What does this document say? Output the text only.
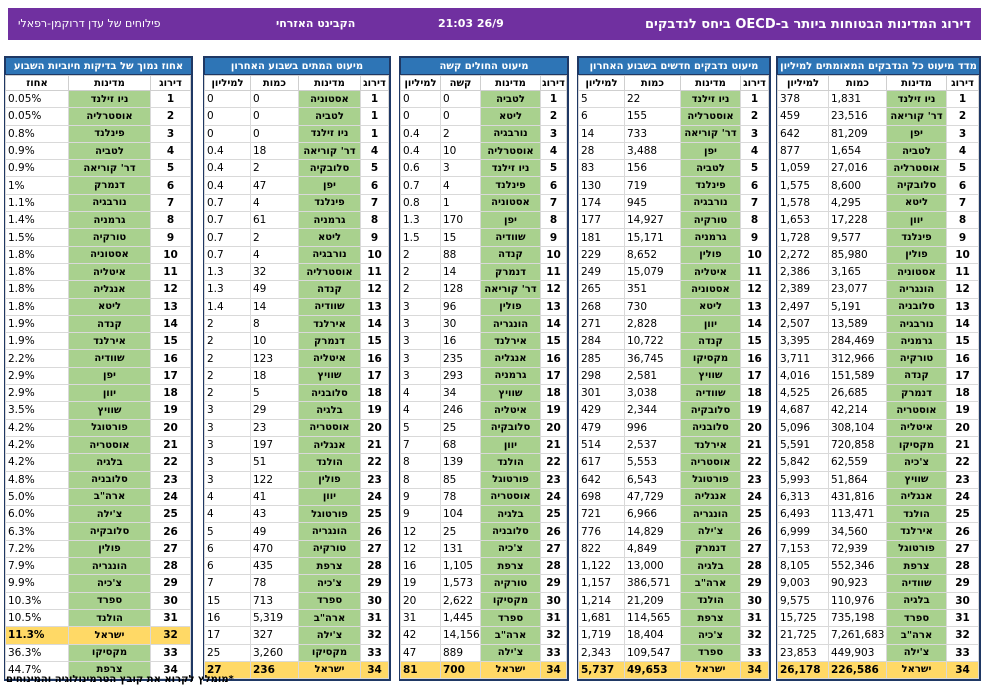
דירוג המדינות הבטוחות ביותר ב-OECD ביחס לנדבקים
21:03 26/9
הקבינט האזרחי
פילוחים של עדן דרוקמן-רפאלי
מדד מיעוט כל הנדבקים המאומתים למיליון
דירוג	מדינות	כמות	למיליון
1	ניו זילנד	1,831	378
2	דר' קוריאה	23,516	459
3	יפן	81,209	642
4	לטביה	1,654	877
5	אוסטרליה	27,016	1,059
6	סלובקיה	8,600	1,575
7	ליטא	4,295	1,578
8	יוון	17,228	1,653
9	פינלנד	9,577	1,728
10	פולין	85,980	2,272
11	אסטוניה	3,165	2,386
12	הונגריה	23,077	2,389
13	סלובניה	5,191	2,497
14	נורבגיה	13,589	2,507
15	גרמניה	284,469	3,395
16	טורקיה	312,966	3,711
17	קנדה	151,589	4,016
18	דנמרק	26,685	4,525
19	אוסטריה	42,214	4,687
20	איטליה	308,104	5,096
21	מקסיקו	720,858	5,591
22	צ'כיה	62,559	5,842
23	שוויץ	51,864	5,993
24	אנגליה	431,816	6,313
25	הולנד	113,471	6,493
26	אירלנד	34,560	6,999
27	פורטוגל	72,939	7,153
28	צרפת	552,346	8,105
29	שוודיה	90,923	9,003
30	בלגיה	110,976	9,575
31	ספרד	735,198	15,725
32	ארה"ב	7,261,683	21,725
33	צ'ילה	449,903	23,853
34	ישראל	226,586	26,178
מיעוט נדבקים חדשים בשבוע האחרון
דירוג	מדינות	כמות	למיליון
1	ניו זילנד	22	5
2	אוסטרליה	155	6
3	דר' קוריאה	733	14
4	יפן	3,488	28
5	לטביה	156	83
6	פינלנד	719	130
7	נורבגיה	945	174
8	טורקיה	14,927	177
9	גרמניה	15,171	181
10	פולין	8,652	229
11	איטליה	15,079	249
12	אסטוניה	351	265
13	ליטא	730	268
14	יוון	2,828	271
15	קנדה	10,722	284
16	מקסיקו	36,745	285
17	שוויץ	2,581	298
18	שוודיה	3,038	301
19	סלובקיה	2,344	429
20	סלובניה	996	479
21	אירלנד	2,537	514
22	אוסטריה	5,553	617
23	פורטוגל	6,543	642
24	אנגליה	47,729	698
25	הונגריה	6,966	721
26	צ'ילה	14,829	776
27	דנמרק	4,849	822
28	בלגיה	13,000	1,122
29	ארה"ב	386,571	1,157
30	הולנד	21,209	1,214
31	צרפת	114,565	1,681
32	צ'כיה	18,404	1,719
33	ספרד	109,547	2,343
34	ישראל	49,653	5,737
מיעוט החולים קשה
דירוג	מדינות	קשה	למיליון
1	לטביה	0	0
2	ליטא	0	0
3	נורבגיה	2	0.4
4	אוסטרליה	10	0.4
5	ניו זילנד	3	0.6
6	פינלנד	4	0.7
7	אסטוניה	1	0.8
8	יפן	170	1.3
9	שוודיה	15	1.5
10	קנדה	88	2
11	דנמרק	14	2
12	דר' קוריאה	128	2
13	פולין	96	3
14	הונגריה	30	3
15	אירלנד	16	3
16	אנגליה	235	3
17	גרמניה	293	3
18	שוויץ	34	4
19	איטליה	246	4
20	סלובקיה	25	5
21	יוון	68	7
22	הולנד	139	8
23	פורטוגל	85	8
24	אוסטריה	78	9
25	בלגיה	104	9
26	סלובניה	25	12
27	צ'כיה	131	12
28	צרפת	1,105	16
29	טורקיה	1,573	19
30	מקסיקו	2,622	20
31	ספרד	1,445	31
32	ארה"ב	14,156	42
33	צ'ילה	889	47
34	ישראל	700	81
מיעוט המתים בשבוע האחרון
דירוג	מדינות	כמות	למיליון
1	אסטוניה	0	0
1	לטביה	0	0
1	ניו זילנד	0	0
4	דר' קוריאה	18	0.4
5	סלובקיה	2	0.4
6	יפן	47	0.4
7	פינלנד	4	0.7
8	גרמניה	61	0.7
9	ליטא	2	0.7
10	נורבגיה	4	0.7
11	אוסטרליה	32	1.3
12	קנדה	49	1.3
13	שוודיה	14	1.4
14	אירלנד	8	2
15	דנמרק	10	2
16	איטליה	123	2
17	שוויץ	18	2
18	סלובניה	5	2
19	בלגיה	29	3
20	אוסטריה	23	3
21	אנגליה	197	3
22	הולנד	51	3
23	פולין	122	3
24	יוון	41	4
25	פורטוגל	43	4
26	הונגריה	49	5
27	טורקיה	470	6
28	צרפת	435	6
29	צ'כיה	78	7
30	ספרד	713	15
31	ארה"ב	5,319	16
32	צ'ילה	327	17
33	מקסיקו	3,260	25
34	ישראל	236	27
אחוז נמוך של בדיקות חיוביות השבוע
דירוג	מדינות	אחוז
1	ניו זילנד	0.05%
2	אוסטרליה	0.05%
3	פינלנד	0.8%
4	לטביה	0.9%
5	דר' קוריאה	0.9%
6	דנמרק	1%
7	נורבגיה	1.1%
8	גרמניה	1.4%
9	טורקיה	1.5%
10	אסטוניה	1.8%
11	איטליה	1.8%
12	אנגליה	1.8%
13	ליטא	1.8%
14	קנדה	1.9%
15	אירלנד	1.9%
16	שוודיה	2.2%
17	יפן	2.9%
18	יוון	2.9%
19	שוויץ	3.5%
20	פורטוגל	4.2%
21	אוסטריה	4.2%
22	בלגיה	4.2%
23	סלובניה	4.8%
24	ארה"ב	5.0%
25	צ'ילה	6.0%
26	סלובקיה	6.3%
27	פולין	7.2%
28	הונגריה	7.9%
29	צ'כיה	9.9%
30	ספרד	10.3%
31	הולנד	10.5%
32	ישראל	11.3%
33	מקסיקו	36.3%
34	צרפת	44.7%
*מומלץ לקרוא את קובץ הטרמינולוגיה והמינוחים
